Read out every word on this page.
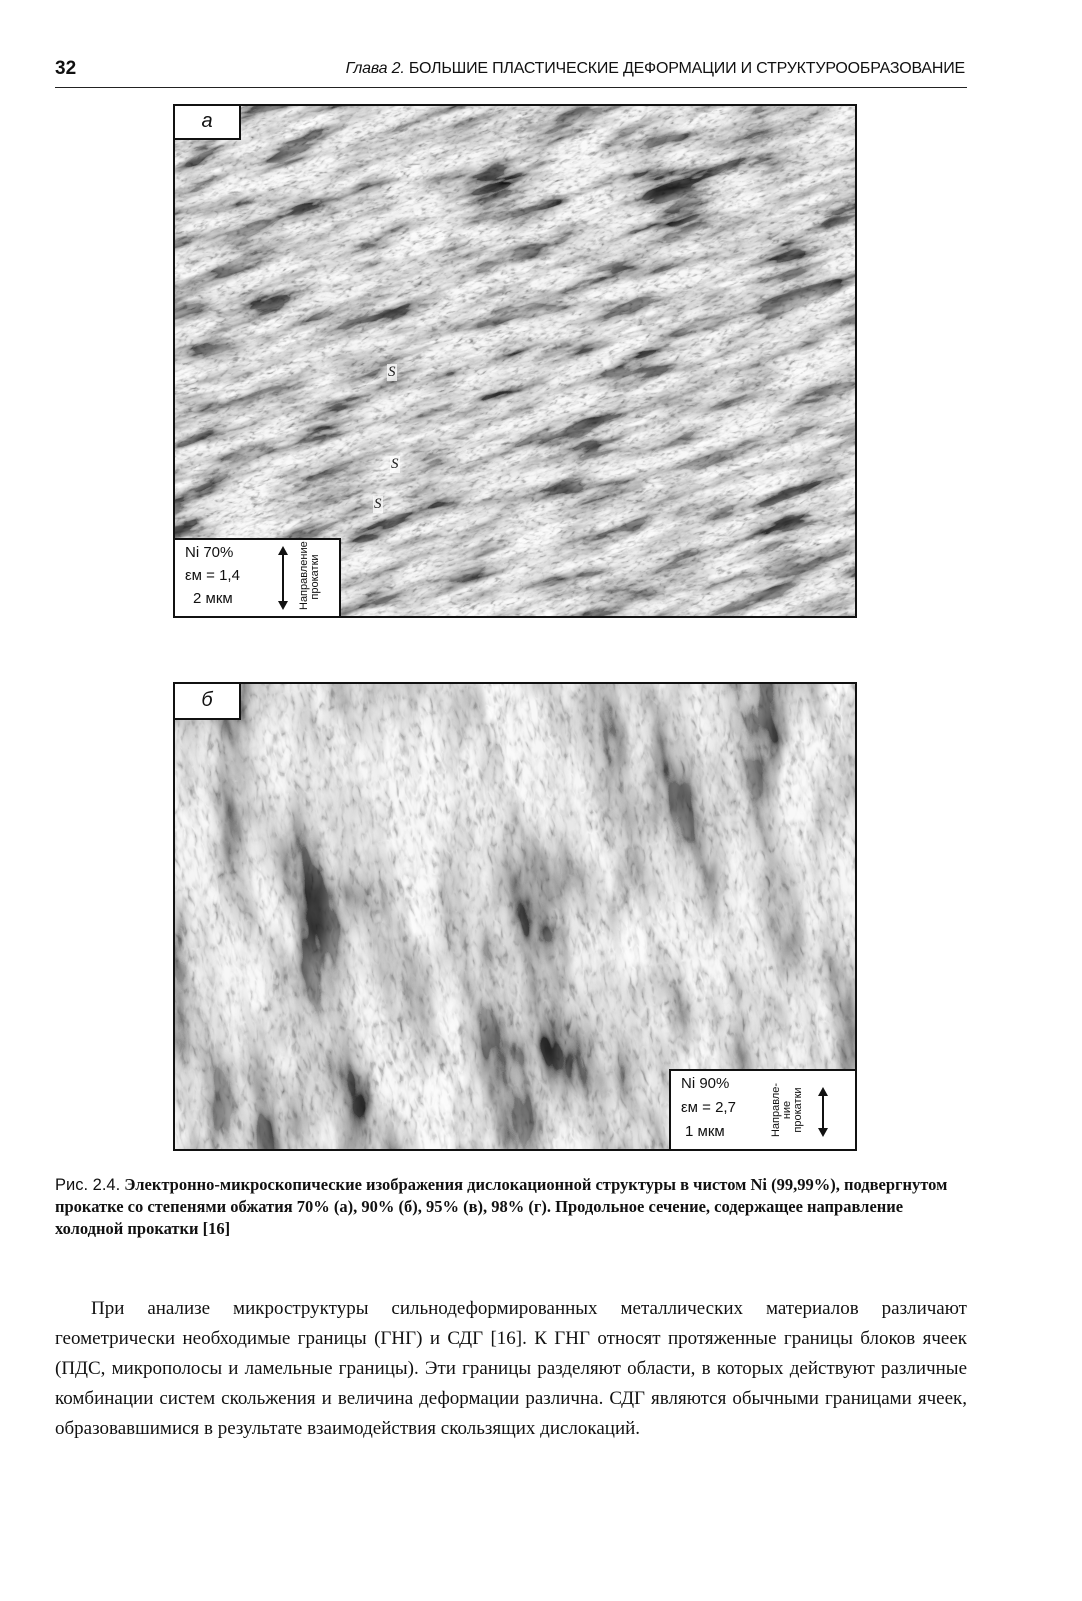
32	Глава 2. БОЛЬШИЕ ПЛАСТИЧЕСКИЕ ДЕФОРМАЦИИ И СТРУКТУРООБРАЗОВАНИЕ
а
S
S
S
Ni 70%
εм = 1,4
2 мкм	Направление прокатки
б
Ni 90%
εм = 2,7
1 мкм	Направле- ние прокатки
Рис. 2.4. Электронно-микроскопические изображения дислокационной структуры в чистом Ni (99,99%), подвергнутом прокатке со степенями обжатия 70% (а), 90% (б), 95% (в), 98% (г). Продольное сечение, содержащее направление холодной прокатки [16]

При анализе микроструктуры сильнодеформированных металлических материалов различают геометрически необходимые границы (ГНГ) и СДГ [16]. К ГНГ относят протяженные границы блоков ячеек (ПДС, микрополосы и ламельные границы). Эти границы разделяют области, в которых действуют различные комбинации систем скольжения и величина деформации различна. СДГ являются обычными границами ячеек, образовавшимися в результате взаимодействия скользящих дислокаций.
